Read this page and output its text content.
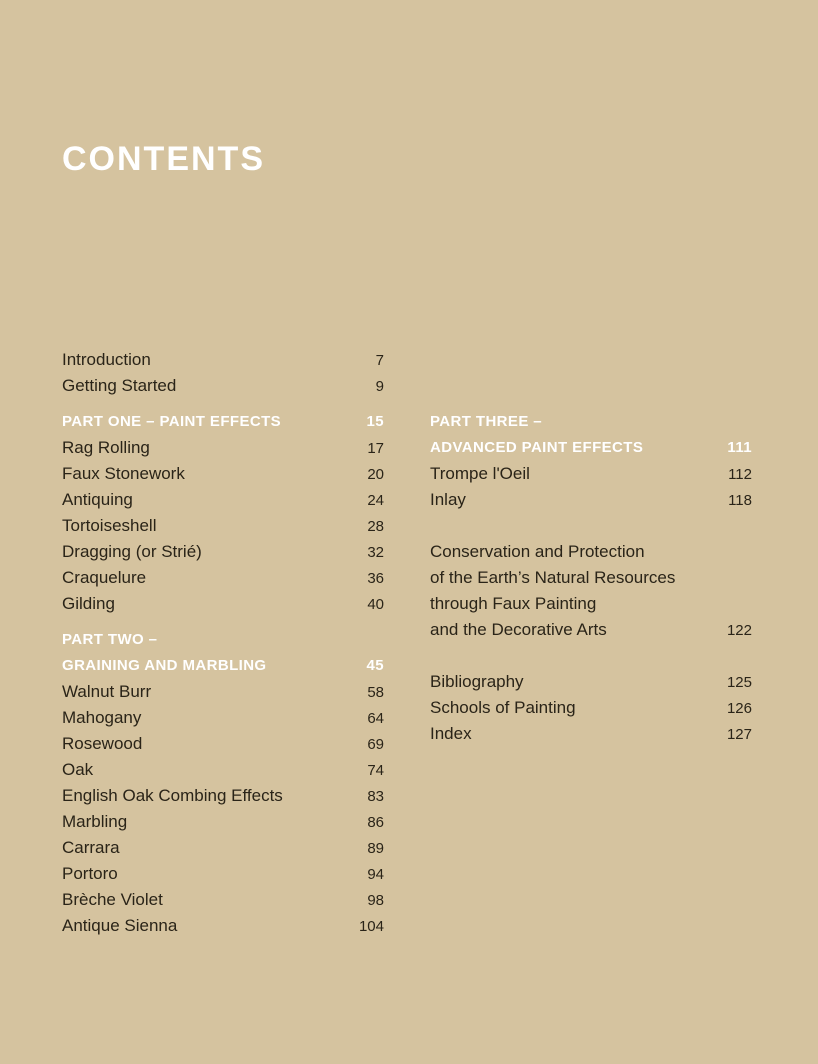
CONTENTS
Introduction	7
Getting Started	9
PART ONE – PAINT EFFECTS	15
Rag Rolling	17
Faux Stonework	20
Antiquing	24
Tortoiseshell	28
Dragging (or Strié)	32
Craquelure	36
Gilding	40
PART TWO –
GRAINING AND MARBLING	45
Walnut Burr	58
Mahogany	64
Rosewood	69
Oak	74
English Oak Combing Effects	83
Marbling	86
Carrara	89
Portoro	94
Brèche Violet	98
Antique Sienna	104
PART THREE –
ADVANCED PAINT EFFECTS	111
Trompe l'Oeil	112
Inlay	118
Conservation and Protection
of the Earth’s Natural Resources
through Faux Painting
and the Decorative Arts	122
Bibliography	125
Schools of Painting	126
Index	127
